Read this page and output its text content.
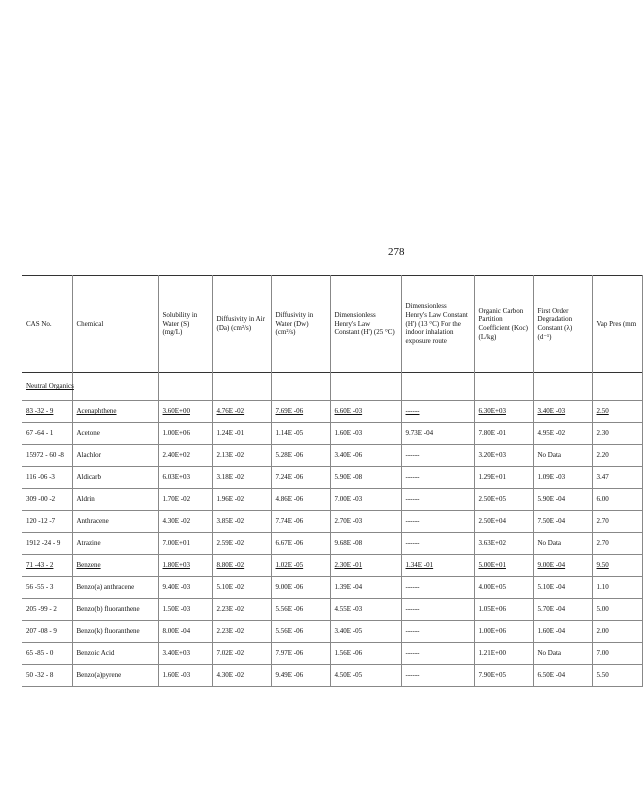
278
CAS No.	Chemical	Solubility in Water (S) (mg/L)	Diffusivity in Air (Da) (cm²/s)	Diffusivity in Water (Dw) (cm²/s)	Dimensionless Henry's Law Constant (H') (25 °C)	Dimensionless Henry's Law Constant (H') (13 °C) For the indoor inhalation exposure route	Organic Carbon Partition Coefficient (Koc) (L/kg)	First Order Degradation Constant (λ) (d⁻¹)	Vap Pres (mm
Neutral Organics									
83 -32 - 9	Acenaphthene	3.60E+00	4.76E -02	7.69E -06	6.60E -03	------	6.30E+03	3.40E -03	2.50
67 -64 - 1	Acetone	1.00E+06	1.24E -01	1.14E -05	1.60E -03	9.73E -04	7.80E -01	4.95E -02	2.30
15972 - 60 -8	Alachlor	2.40E+02	2.13E -02	5.28E -06	3.40E -06	------	3.20E+03	No Data	2.20
116 -06 -3	Aldicarb	6.03E+03	3.18E -02	7.24E -06	5.90E -08	------	1.29E+01	1.09E -03	3.47
309 -00 -2	Aldrin	1.70E -02	1.96E -02	4.86E -06	7.00E -03	------	2.50E+05	5.90E -04	6.00
120 -12 -7	Anthracene	4.30E -02	3.85E -02	7.74E -06	2.70E -03	------	2.50E+04	7.50E -04	2.70
1912 -24 - 9	Atrazine	7.00E+01	2.59E -02	6.67E -06	9.68E -08	------	3.63E+02	No Data	2.70
71 -43 - 2	Benzene	1.80E+03	8.80E -02	1.02E -05	2.30E -01	1.34E -01	5.00E+01	9.00E -04	9.50
56 -55 - 3	Benzo(a) anthracene	9.40E -03	5.10E -02	9.00E -06	1.39E -04	------	4.00E+05	5.10E -04	1.10
205 -99 - 2	Benzo(b) fluoranthene	1.50E -03	2.23E -02	5.56E -06	4.55E -03	------	1.05E+06	5.70E -04	5.00
207 -08 - 9	Benzo(k) fluoranthene	8.00E -04	2.23E -02	5.56E -06	3.40E -05	------	1.00E+06	1.60E -04	2.00
65 -85 - 0	Benzoic Acid	3.40E+03	7.02E -02	7.97E -06	1.56E -06	------	1.21E+00	No Data	7.00
50 -32 - 8	Benzo(a)pyrene	1.60E -03	4.30E -02	9.49E -06	4.50E -05	------	7.90E+05	6.50E -04	5.50
